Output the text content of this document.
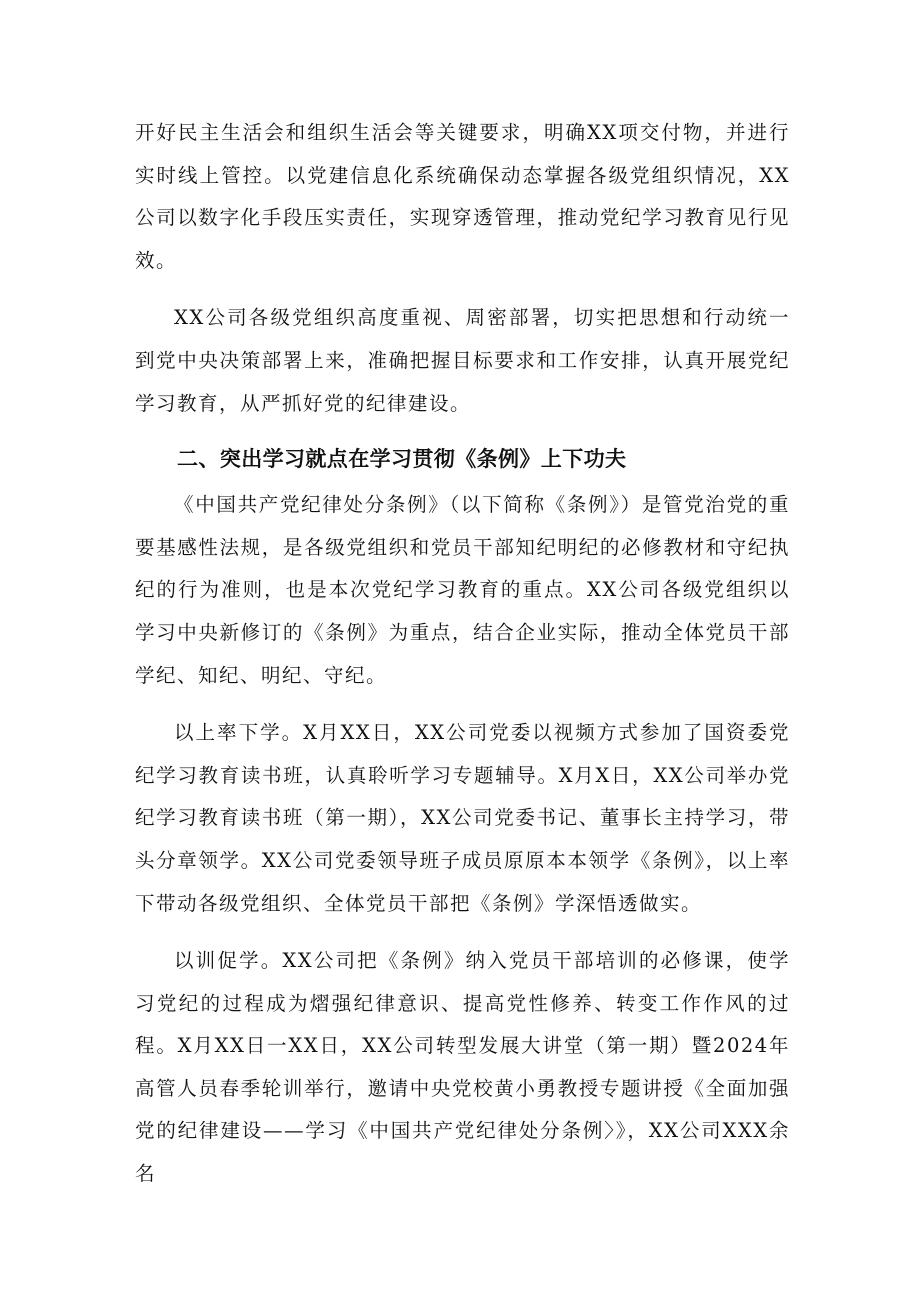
开好民主生活会和组织生活会等关键要求，明确XX项交付物，并进行实时线上管控。以党建信息化系统确保动态掌握各级党组织情况，XX公司以数字化手段压实责任，实现穿透管理，推动党纪学习教育见行见效。

XX公司各级党组织高度重视、周密部署，切实把思想和行动统一到党中央决策部署上来，准确把握目标要求和工作安排，认真开展党纪学习教育，从严抓好党的纪律建设。

二、突出学习就点在学习贯彻《条例》上下功夫

《中国共产党纪律处分条例》（以下简称《条例》）是管党治党的重要基感性法规，是各级党组织和党员干部知纪明纪的必修教材和守纪执纪的行为准则，也是本次党纪学习教育的重点。XX公司各级党组织以学习中央新修订的《条例》为重点，结合企业实际，推动全体党员干部学纪、知纪、明纪、守纪。

以上率下学。X月XX日，XX公司党委以视频方式参加了国资委党纪学习教育读书班，认真聆听学习专题辅导。X月X日，XX公司举办党纪学习教育读书班（第一期），XX公司党委书记、董事长主持学习，带头分章领学。XX公司党委领导班子成员原原本本领学《条例》，以上率下带动各级党组织、全体党员干部把《条例》学深悟透做实。

以训促学。XX公司把《条例》纳入党员干部培训的必修课，使学习党纪的过程成为熠强纪律意识、提高党性修养、转变工作作风的过程。X月XX日一XX日，XX公司转型发展大讲堂（第一期）暨2024年高管人员春季轮训举行，邀请中央党校黄小勇教授专题讲授《全面加强党的纪律建设——学习《中国共产党纪律处分条例〉》，XX公司XXX余名
